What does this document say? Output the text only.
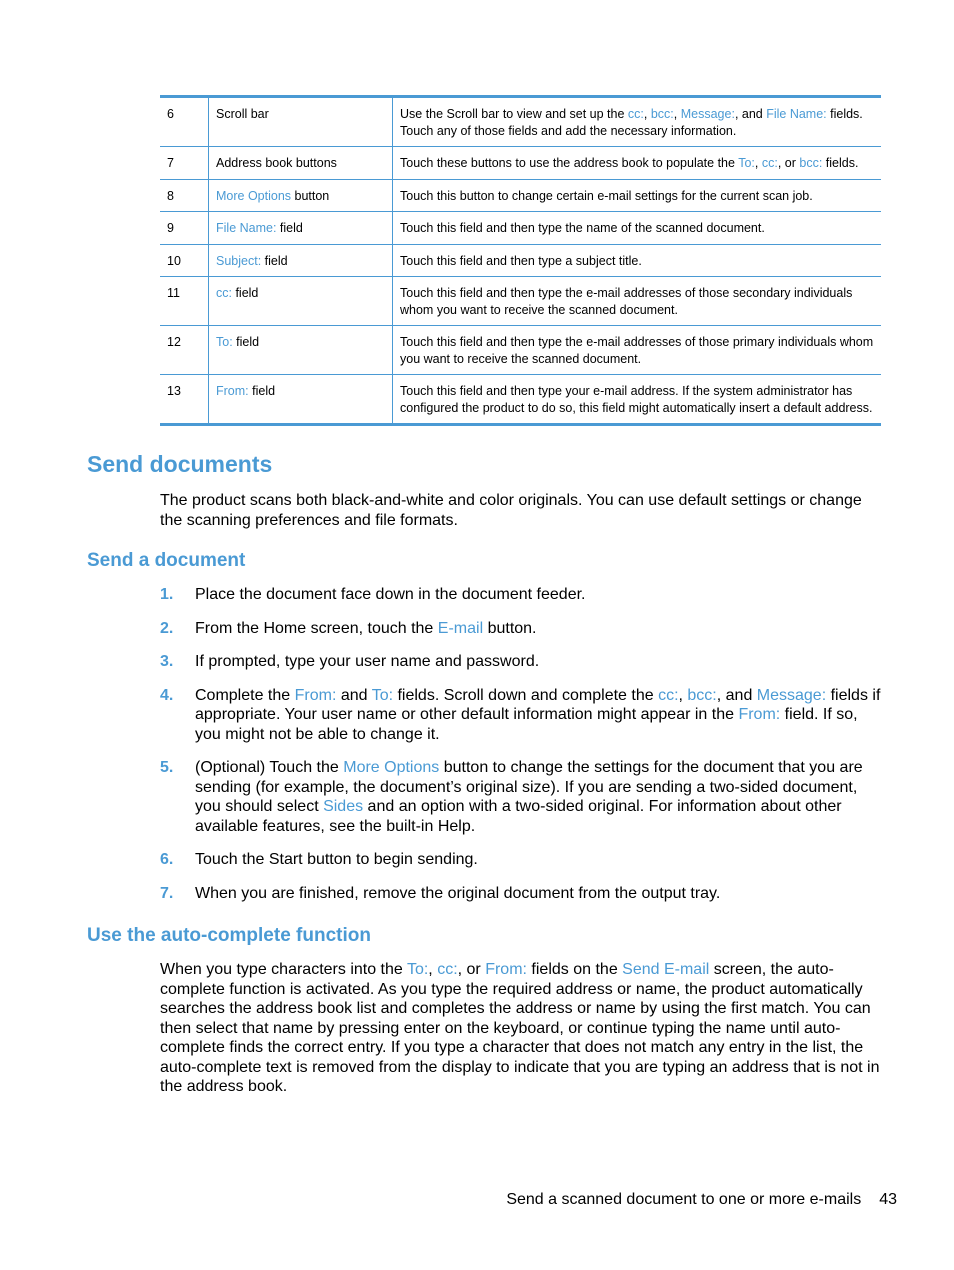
6	Scroll bar	Use the Scroll bar to view and set up the cc:, bcc:, Message:, and File Name: fields. Touch any of those fields and add the necessary information.
7	Address book buttons	Touch these buttons to use the address book to populate the To:, cc:, or bcc: fields.
8	More Options button	Touch this button to change certain e-mail settings for the current scan job.
9	File Name: field	Touch this field and then type the name of the scanned document.
10	Subject: field	Touch this field and then type a subject title.
11	cc: field	Touch this field and then type the e-mail addresses of those secondary individuals whom you want to receive the scanned document.
12	To: field	Touch this field and then type the e-mail addresses of those primary individuals whom you want to receive the scanned document.
13	From: field	Touch this field and then type your e-mail address. If the system administrator has configured the product to do so, this field might automatically insert a default address.
Send documents

The product scans both black-and-white and color originals. You can use default settings or change the scanning preferences and file formats.

Send a document
1. Place the document face down in the document feeder.
2. From the Home screen, touch the E-mail button.
3. If prompted, type your user name and password.
4. Complete the From: and To: fields. Scroll down and complete the cc:, bcc:, and Message: fields if appropriate. Your user name or other default information might appear in the From: field. If so, you might not be able to change it.
5. (Optional) Touch the More Options button to change the settings for the document that you are sending (for example, the document’s original size). If you are sending a two-sided document, you should select Sides and an option with a two-sided original. For information about other available features, see the built-in Help.
6. Touch the Start button to begin sending.
7. When you are finished, remove the original document from the output tray.
Use the auto-complete function

When you type characters into the To:, cc:, or From: fields on the Send E-mail screen, the auto-complete function is activated. As you type the required address or name, the product automatically searches the address book list and completes the address or name by using the first match. You can then select that name by pressing enter on the keyboard, or continue typing the name until auto-complete finds the correct entry. If you type a character that does not match any entry in the list, the auto-complete text is removed from the display to indicate that you are typing an address that is not in the address book.

Send a scanned document to one or more e-mails 43
